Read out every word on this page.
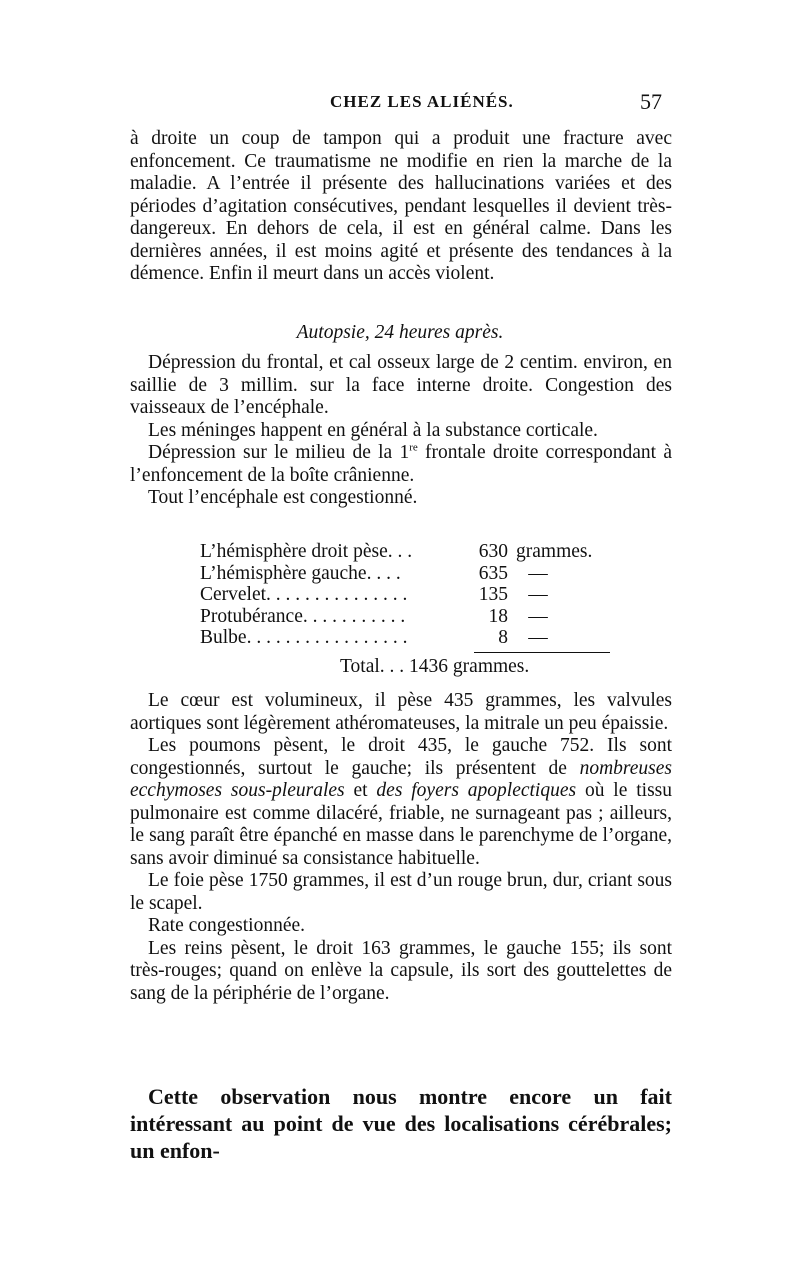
CHEZ LES ALIÉNÉS.	57

à droite un coup de tampon qui a produit une fracture avec enfoncement. Ce traumatisme ne modifie en rien la marche de la maladie. A l’entrée il présente des hallucinations variées et des périodes d’agitation consécutives, pendant lesquelles il devient très-dangereux. En dehors de cela, il est en général calme. Dans les dernières années, il est moins agité et présente des tendances à la démence. Enfin il meurt dans un accès violent.

Autopsie, 24 heures après.

Dépression du frontal, et cal osseux large de 2 centim. environ, en saillie de 3 millim. sur la face interne droite. Congestion des vaisseaux de l’encéphale.

Les méninges happent en général à la substance corticale.

Dépression sur le milieu de la 1re frontale droite correspondant à l’enfoncement de la boîte crânienne.

Tout l’encéphale est congestionné.

L’hémisphère droit pèse. . .	630 grammes.
L’hémisphère gauche. . . .	635	—
Cervelet. . . . . . . . . . . . . . .	135	—
Protubérance. . . . . . . . . . .	18	—
Bulbe. . . . . . . . . . . . . . . . .	8	—
Total. . . 1436 grammes.

Le cœur est volumineux, il pèse 435 grammes, les valvules aortiques sont légèrement athéromateuses, la mitrale un peu épaissie.

Les poumons pèsent, le droit 435, le gauche 752. Ils sont congestionnés, surtout le gauche; ils présentent de nombreuses ecchymoses sous-pleurales et des foyers apoplectiques où le tissu pulmonaire est comme dilacéré, friable, ne surnageant pas ; ailleurs, le sang paraît être épanché en masse dans le parenchyme de l’organe, sans avoir diminué sa consistance habituelle.

Le foie pèse 1750 grammes, il est d’un rouge brun, dur, criant sous le scapel.

Rate congestionnée.

Les reins pèsent, le droit 163 grammes, le gauche 155; ils sont très-rouges; quand on enlève la capsule, ils sort des gouttelettes de sang de la périphérie de l’organe.

Cette observation nous montre encore un fait intéressant au point de vue des localisations cérébrales; un enfon-
